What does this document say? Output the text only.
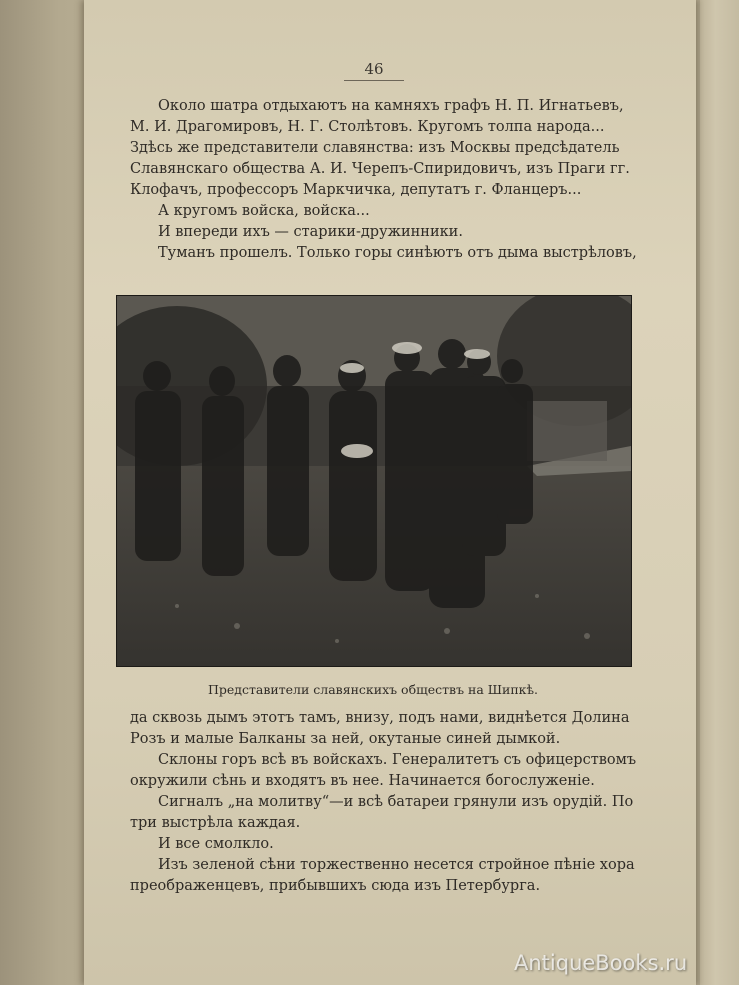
46

Около шатра отдыхаютъ на камняхъ графъ Н. П. Игнатьевъ,

М. И. Драгомировъ, Н. Г. Столѣтовъ. Кругомъ толпа народа...

Здѣсь же представители славянства: изъ Москвы предсѣдатель

Славянскаго общества А. И. Черепъ-Спиридовичъ, изъ Праги гг.

Клофачъ, профессоръ Маркчичка, депутатъ г. Фланцеръ...

А кругомъ войска, войска...

И впереди ихъ — старики-дружинники.

Туманъ прошелъ. Только горы синѣютъ отъ дыма выстрѣловъ,

Представители славянскихъ обществъ на Шипкѣ.

да сквозь дымъ этотъ тамъ, внизу, подъ нами, виднѣется Долина

Розъ и малые Балканы за ней, окутаные синей дымкой.

Склоны горъ всѣ въ войскахъ. Генералитетъ съ офицерствомъ

окружили сѣнь и входятъ въ нее. Начинается богослуженіе.

Сигналъ „на молитву“—и всѣ батареи грянули изъ орудій. По

три выстрѣла каждая.

И все смолкло.

Изъ зеленой сѣни торжественно несется стройное пѣніе хора

преображенцевъ, прибывшихъ сюда изъ Петербурга.

AntiqueBooks.ru
